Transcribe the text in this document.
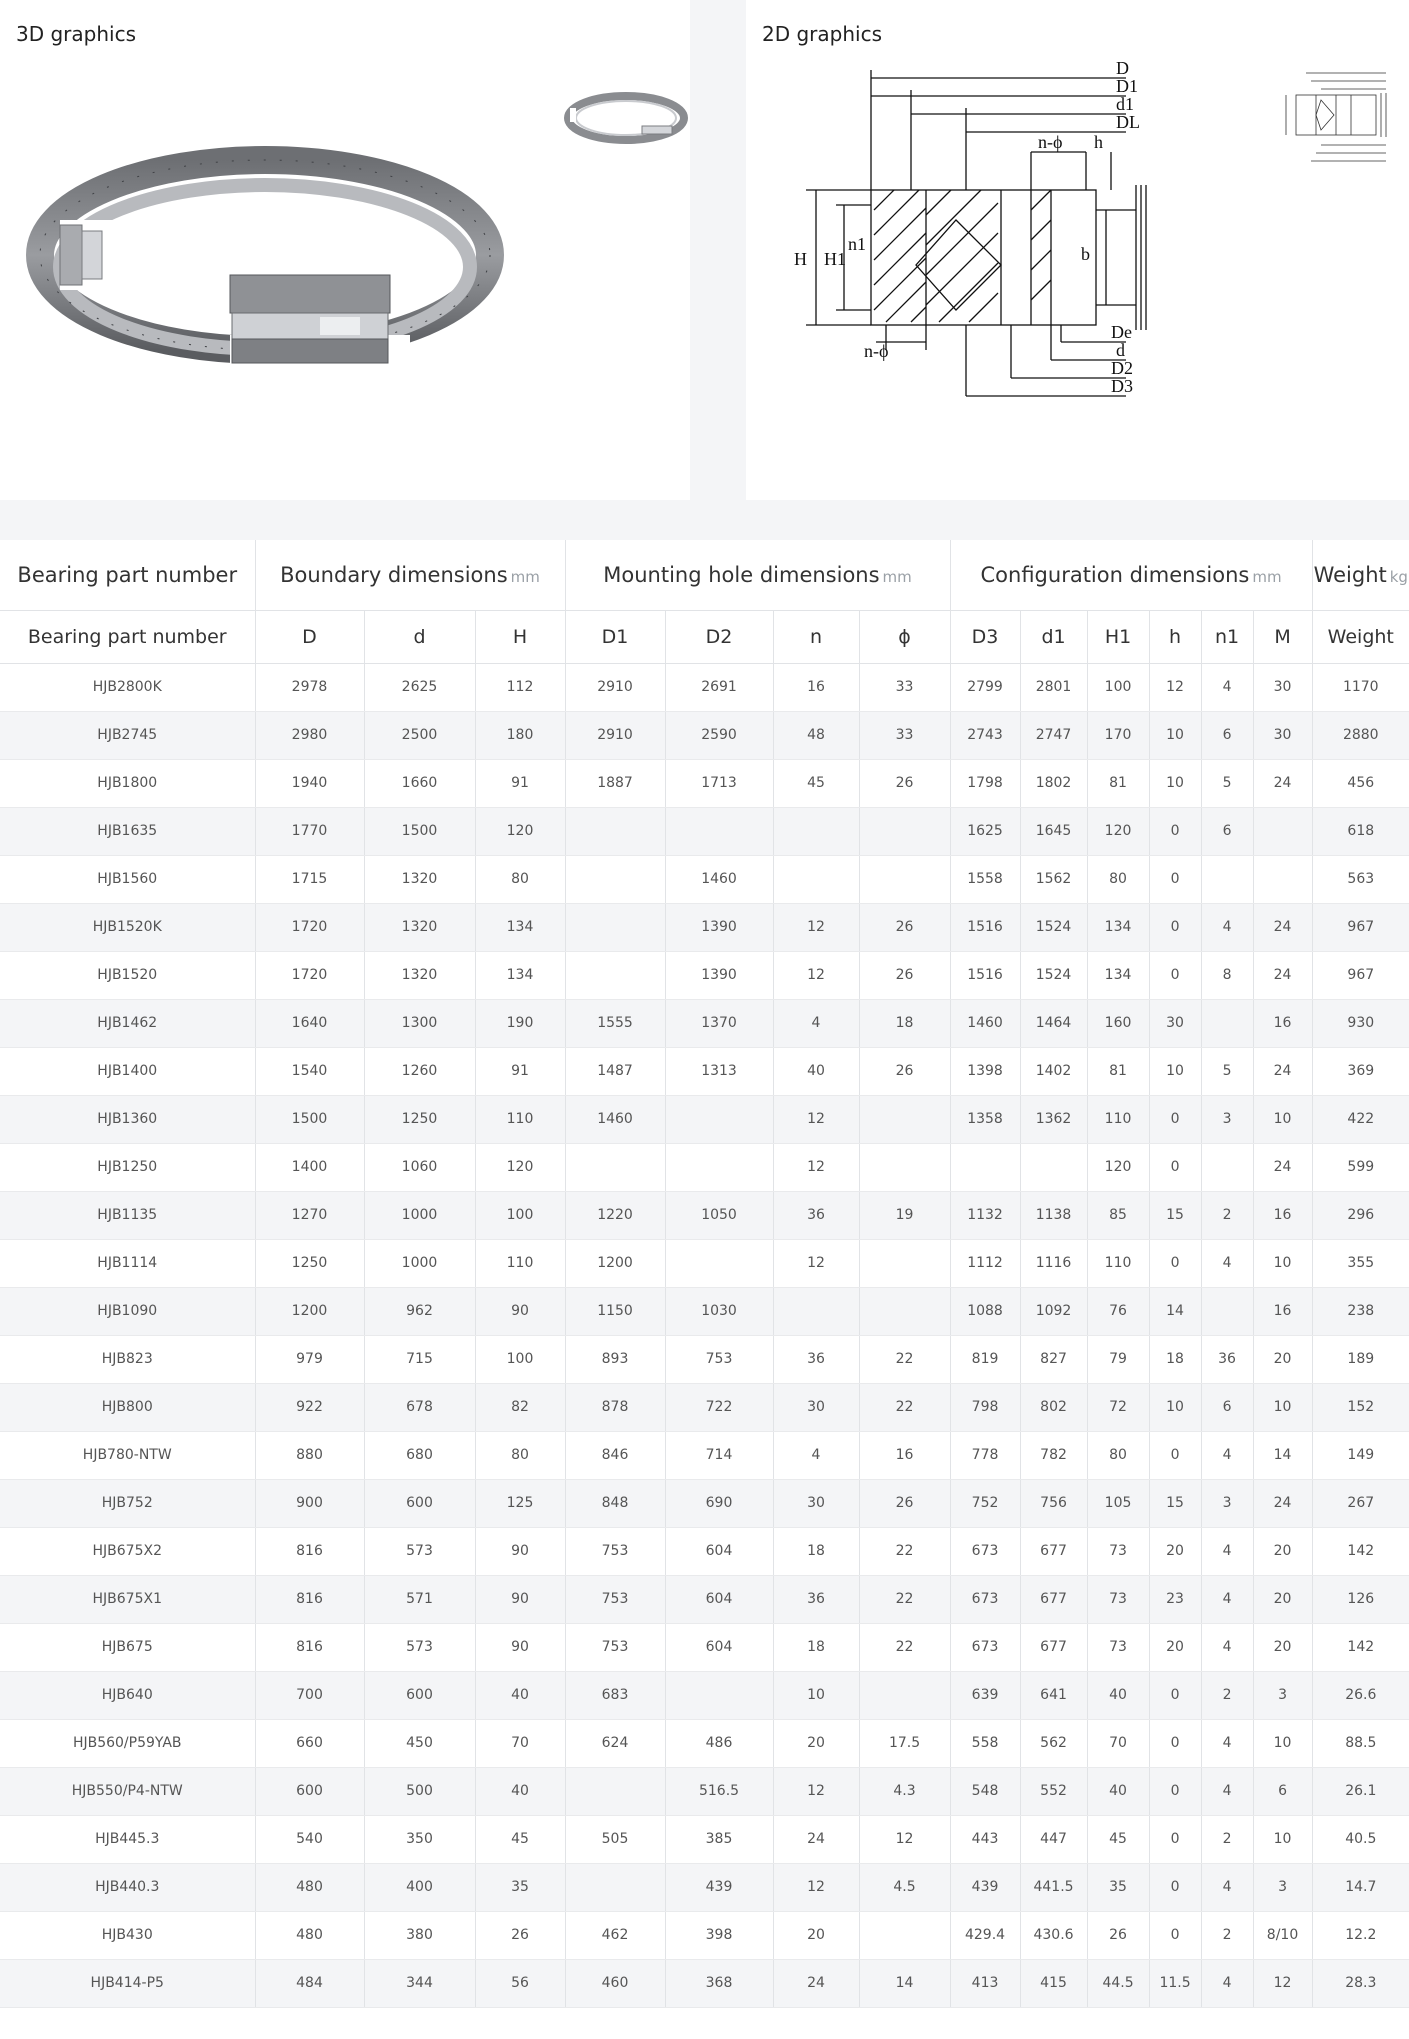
3D graphics	2D graphics
D
D1
d1
DL
n-ϕ h
H H1
n1	b
De
d
D2
D3
n-ϕ
Bearing part number	Boundary dimensions mm			Mounting hole dimensions mm				Configuration dimensions mm						Weight kg
Bearing part number	D	d	H	D1	D2	n	ϕ	D3	d1	H1	h	n1	M	Weight
HJB2800K	2978	2625	112	2910	2691	16	33	2799	2801	100	12	4	30	1170
HJB2745	2980	2500	180	2910	2590	48	33	2743	2747	170	10	6	30	2880
HJB1800	1940	1660	91	1887	1713	45	26	1798	1802	81	10	5	24	456
HJB1635	1770	1500	120					1625	1645	120	0	6		618
HJB1560	1715	1320	80		1460			1558	1562	80	0			563
HJB1520K	1720	1320	134		1390	12	26	1516	1524	134	0	4	24	967
HJB1520	1720	1320	134		1390	12	26	1516	1524	134	0	8	24	967
HJB1462	1640	1300	190	1555	1370	4	18	1460	1464	160	30		16	930
HJB1400	1540	1260	91	1487	1313	40	26	1398	1402	81	10	5	24	369
HJB1360	1500	1250	110	1460		12		1358	1362	110	0	3	10	422
HJB1250	1400	1060	120			12				120	0		24	599
HJB1135	1270	1000	100	1220	1050	36	19	1132	1138	85	15	2	16	296
HJB1114	1250	1000	110	1200		12		1112	1116	110	0	4	10	355
HJB1090	1200	962	90	1150	1030			1088	1092	76	14		16	238
HJB823	979	715	100	893	753	36	22	819	827	79	18	36	20	189
HJB800	922	678	82	878	722	30	22	798	802	72	10	6	10	152
HJB780-NTW	880	680	80	846	714	4	16	778	782	80	0	4	14	149
HJB752	900	600	125	848	690	30	26	752	756	105	15	3	24	267
HJB675X2	816	573	90	753	604	18	22	673	677	73	20	4	20	142
HJB675X1	816	571	90	753	604	36	22	673	677	73	23	4	20	126
HJB675	816	573	90	753	604	18	22	673	677	73	20	4	20	142
HJB640	700	600	40	683		10		639	641	40	0	2	3	26.6
HJB560/P59YAB	660	450	70	624	486	20	17.5	558	562	70	0	4	10	88.5
HJB550/P4-NTW	600	500	40		516.5	12	4.3	548	552	40	0	4	6	26.1
HJB445.3	540	350	45	505	385	24	12	443	447	45	0	2	10	40.5
HJB440.3	480	400	35		439	12	4.5	439	441.5	35	0	4	3	14.7
HJB430	480	380	26	462	398	20		429.4	430.6	26	0	2	8/10	12.2
HJB414-P5	484	344	56	460	368	24	14	413	415	44.5	11.5	4	12	28.3
